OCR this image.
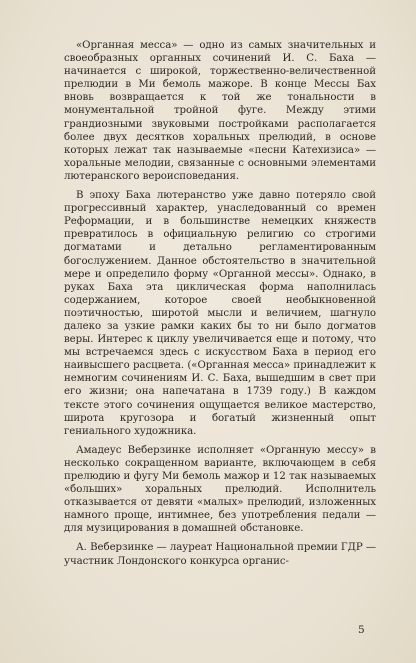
«Органная месса» — одно из самых значительных и своеобразных органных сочинений И. С. Баха — начинается с широкой, торжественно-величественной прелюдии в Ми бемоль мажоре. В конце Мессы Бах вновь возвращается к той же тональности в монументальной тройной фуге. Между этими грандиозными звуковыми постройками располагается более двух десятков хоральных прелюдий, в основе которых лежат так называемые «песни Катехизиса» — хоральные мелодии, связанные с основными элементами лютеранского вероисповедания.

В эпоху Баха лютеранство уже давно потеряло свой прогрессивный характер, унаследованный со времен Реформации, и в большинстве немецких княжеств превратилось в официальную религию со строгими догматами и детально регламентированным богослужением. Данное обстоятельство в значительной мере и определило форму «Органной мессы». Однако, в руках Баха эта циклическая форма наполнилась содержанием, которое своей необыкновенной поэтичностью, широтой мысли и величием, шагнуло далеко за узкие рамки каких бы то ни было догматов веры. Интерес к циклу увеличивается еще и потому, что мы встречаемся здесь с искусством Баха в период его наивысшего расцвета. («Органная месса» принадлежит к немногим сочинениям И. С. Баха, вышедшим в свет при его жизни; она напечатана в 1739 году.) В каждом тексте этого сочинения ощущается великое мастерство, широта кругозора и богатый жизненный опыт гениального художника.

Амадеус Веберзинке исполняет «Органную мессу» в несколько сокращенном варианте, включающем в себя прелюдию и фугу Ми бемоль мажор и 12 так называемых «больших» хоральных прелюдий. Исполнитель отказывается от девяти «малых» прелюдий, изложенных намного проще, интимнее, без употребления педали — для музицирования в домашней обстановке.

А. Веберзинке — лауреат Национальной премии ГДР — участник Лондонского конкурса органис-

5
